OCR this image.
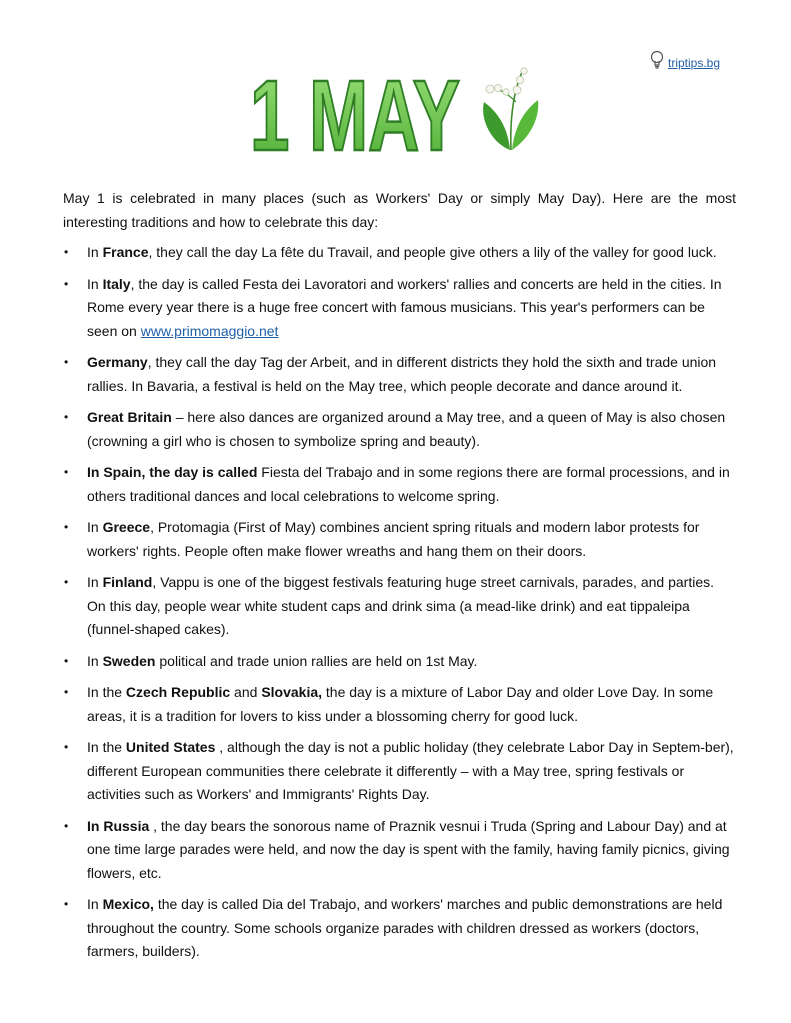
triptips.bg
1 MAY

May 1 is celebrated in many places (such as Workers' Day or simply May Day). Here are the most interesting traditions and how to celebrate this day:

• In France, they call the day La fête du Travail, and people give others a lily of the valley for good luck.
• In Italy, the day is called Festa dei Lavoratori and workers' rallies and concerts are held in the cities. In Rome every year there is a huge free concert with famous musicians. This year's performers can be seen on www.primomaggio.net
• Germany, they call the day Tag der Arbeit, and in different districts they hold the sixth and trade union rallies. In Bavaria, a festival is held on the May tree, which people decorate and dance around it.
• Great Britain – here also dances are organized around a May tree, and a queen of May is also chosen (crowning a girl who is chosen to symbolize spring and beauty).
• In Spain, the day is called Fiesta del Trabajo and in some regions there are formal processions, and in others traditional dances and local celebrations to welcome spring.
• In Greece, Protomagia (First of May) combines ancient spring rituals and modern labor protests for workers' rights. People often make flower wreaths and hang them on their doors.
• In Finland, Vappu is one of the biggest festivals featuring huge street carnivals, parades, and parties. On this day, people wear white student caps and drink sima (a mead-like drink) and eat tippaleipa (funnel-shaped cakes).
• In Sweden political and trade union rallies are held on 1st May.
• In the Czech Republic and Slovakia, the day is a mixture of Labor Day and older Love Day. In some areas, it is a tradition for lovers to kiss under a blossoming cherry for good luck.
• In the United States , although the day is not a public holiday (they celebrate Labor Day in Septem-ber), different European communities there celebrate it differently – with a May tree, spring festivals or activities such as Workers' and Immigrants' Rights Day.
• In Russia , the day bears the sonorous name of Praznik vesnui i Truda (Spring and Labour Day) and at one time large parades were held, and now the day is spent with the family, having family picnics, giving flowers, etc.
• In Mexico, the day is called Dia del Trabajo, and workers' marches and public demonstrations are held throughout the country. Some schools organize parades with children dressed as workers (doctors, farmers, builders).
